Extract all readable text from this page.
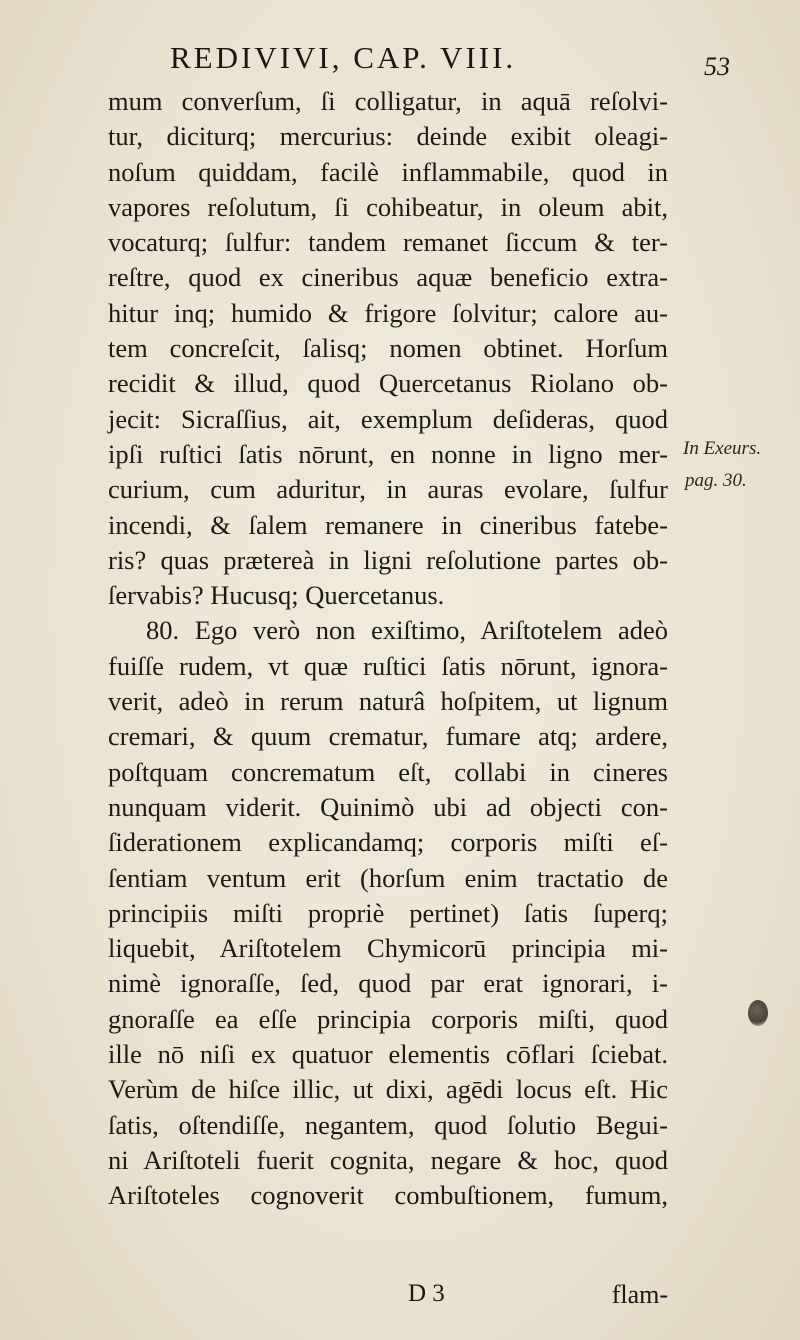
REDIVIVI, CAP. VIII.	53
mum converſum, ſi colligatur, in aquā reſolvi-
tur, diciturq; mercurius: deinde exibit oleagi-
noſum quiddam, facilè inflammabile, quod in
vapores reſolutum, ſi cohibeatur, in oleum abit,
vocaturq; ſulfur: tandem remanet ſiccum & ter-
reſtre, quod ex cineribus aquæ beneficio extra-
hitur inq; humido & frigore ſolvitur; calore au-
tem concreſcit, ſalisq; nomen obtinet. Horſum
recidit & illud, quod Quercetanus Riolano ob-
jecit: Sicraſſius, ait, exemplum deſideras, quod
ipſi ruſtici ſatis nōrunt, en nonne in ligno mer-
curium, cum aduritur, in auras evolare, ſulfur
incendi, & ſalem remanere in cineribus fatebe-
ris? quas prætereà in ligni reſolutione partes ob-
ſervabis? Hucusq; Quercetanus.
80. Ego verò non exiſtimo, Ariſtotelem adeò
fuiſſe rudem, vt quæ ruſtici ſatis nōrunt, ignora-
verit, adeò in rerum naturâ hoſpitem, ut lignum
cremari, & quum crematur, fumare atq; ardere,
poſtquam concrematum eſt, collabi in cineres
nunquam viderit. Quinimò ubi ad objecti con-
ſiderationem explicandamq; corporis miſti eſ-
ſentiam ventum erit (horſum enim tractatio de
principiis miſti propriè pertinet) ſatis ſuperq;
liquebit, Ariſtotelem Chymicorū principia mi-
nimè ignoraſſe, ſed, quod par erat ignorari, i-
gnoraſſe ea eſſe principia corporis miſti, quod
ille nō niſi ex quatuor elementis cōflari ſciebat.
Verùm de hiſce illic, ut dixi, agēdi locus eſt. Hic
ſatis, oſtendiſſe, negantem, quod ſolutio Begui-
ni Ariſtoteli fuerit cognita, negare & hoc, quod
Ariſtoteles cognoverit combuſtionem, fumum,
In Exeurs.
pag. 30.
D 3	flam-
